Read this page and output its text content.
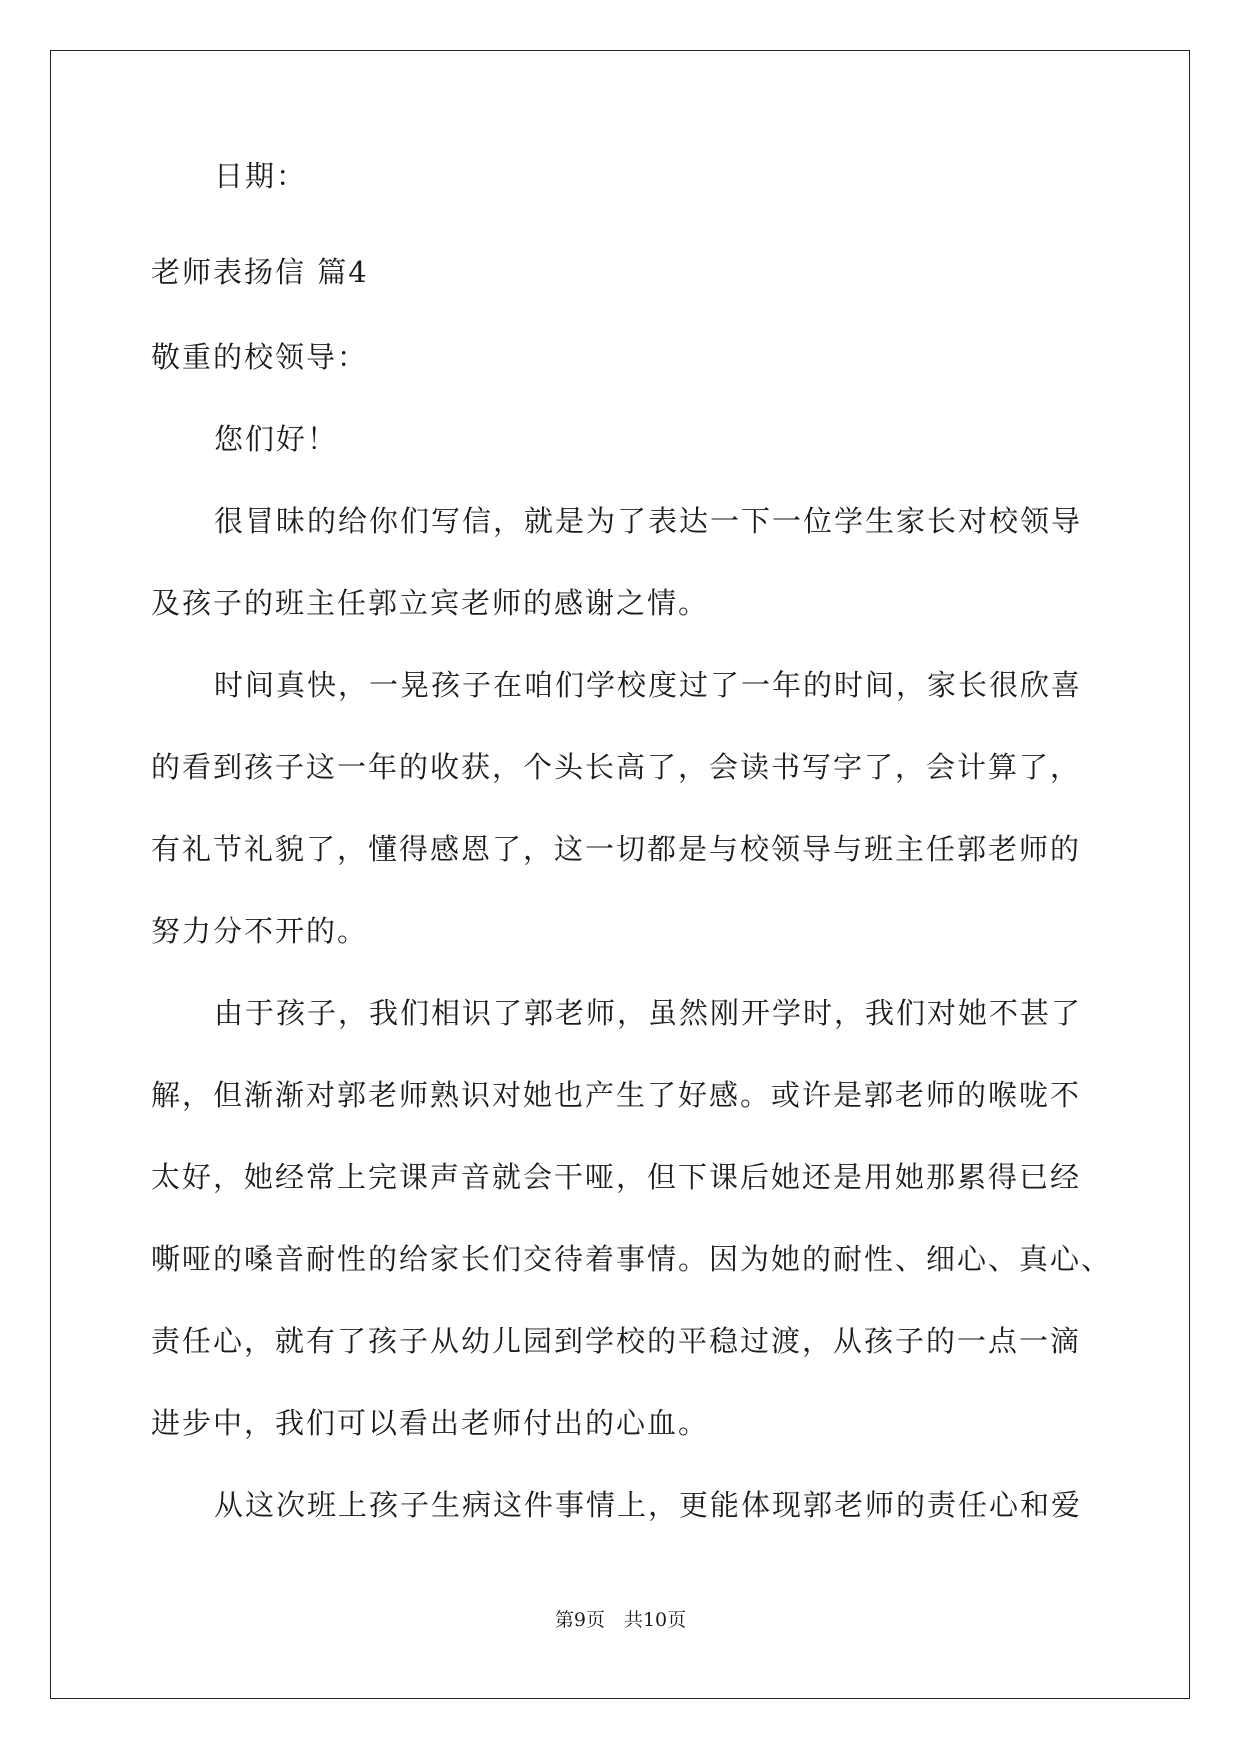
日期：
老师表扬信 篇4
敬重的校领导：
您们好！
很冒昧的给你们写信，就是为了表达一下一位学生家长对校领导
及孩子的班主任郭立宾老师的感谢之情。
时间真快，一晃孩子在咱们学校度过了一年的时间，家长很欣喜
的看到孩子这一年的收获，个头长高了，会读书写字了，会计算了，
有礼节礼貌了，懂得感恩了，这一切都是与校领导与班主任郭老师的
努力分不开的。
由于孩子，我们相识了郭老师，虽然刚开学时，我们对她不甚了
解，但渐渐对郭老师熟识对她也产生了好感。或许是郭老师的喉咙不
太好，她经常上完课声音就会干哑，但下课后她还是用她那累得已经
嘶哑的嗓音耐性的给家长们交待着事情。因为她的耐性、细心、真心、
责任心，就有了孩子从幼儿园到学校的平稳过渡，从孩子的一点一滴
进步中，我们可以看出老师付出的心血。
从这次班上孩子生病这件事情上，更能体现郭老师的责任心和爱
第9页　共10页
